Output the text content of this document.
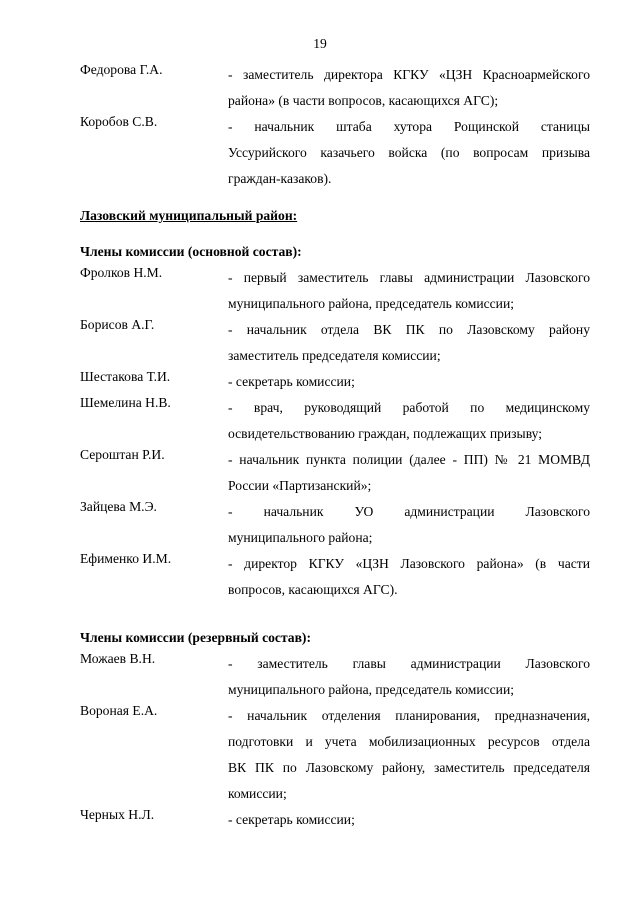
19
Федорова Г.А.	- заместитель директора КГКУ «ЦЗН Красноармейского
района» (в части вопросов, касающихся АГС);
Коробов С.В.	- начальник штаба хутора Рощинской станицы
Уссурийского казачьего войска (по вопросам призыва
граждан-казаков).
Лазовский муниципальный район:
Члены комиссии (основной состав):
Фролков Н.М.	- первый заместитель главы администрации Лазовского
муниципального района, председатель комиссии;
Борисов А.Г.	- начальник отдела ВК ПК по Лазовскому району
заместитель председателя комиссии;
Шестакова Т.И.	- секретарь комиссии;
Шемелина Н.В.	- врач, руководящий работой по медицинскому
освидетельствованию граждан, подлежащих призыву;
Сероштан Р.И.	- начальник пункта полиции (далее - ПП) № 21 МОМВД
России «Партизанский»;
Зайцева М.Э.	- начальник УО администрации Лазовского
муниципального района;
Ефименко И.М.	- директор КГКУ «ЦЗН Лазовского района» (в части
вопросов, касающихся АГС).
Члены комиссии (резервный состав):
Можаев В.Н.	- заместитель главы администрации Лазовского
муниципального района, председатель комиссии;
Вороная Е.А.	- начальник отделения планирования, предназначения,
подготовки и учета мобилизационных ресурсов отдела
ВК ПК по Лазовскому району, заместитель председателя
комиссии;
Черных Н.Л.	- секретарь комиссии;
